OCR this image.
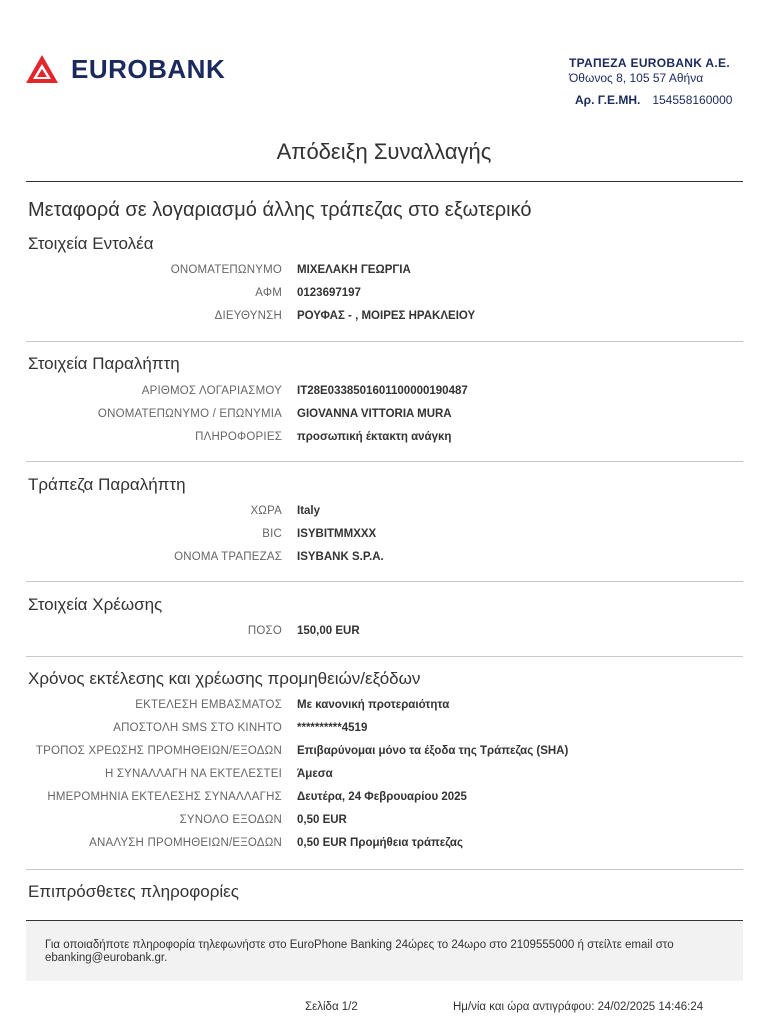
EUROBANK	ΤΡΑΠΕΖΑ EUROBANK A.E.
Όθωνος 8, 105 57 Αθήνα
Αρ. Γ.Ε.ΜΗ. 154558160000
Απόδειξη Συναλλαγής
Μεταφορά σε λογαριασμό άλλης τράπεζας στο εξωτερικό
Στοιχεία Εντολέα
ΟΝΟΜΑΤΕΠΩΝΥΜΟ ΜΙΧΕΛΑΚΗ ΓΕΩΡΓΙΑ
ΑΦΜ 0123697197
ΔΙΕΥΘΥΝΣΗ ΡΟΥΦΑΣ - , ΜΟΙΡΕΣ ΗΡΑΚΛΕΙΟΥ
Στοιχεία Παραλήπτη
ΑΡΙΘΜΟΣ ΛΟΓΑΡΙΑΣΜΟΥ IT28E0338501601100000190487
ΟΝΟΜΑΤΕΠΩΝΥΜΟ / ΕΠΩΝΥΜΙΑ GIOVANNA VITTORIA MURA
ΠΛΗΡΟΦΟΡΙΕΣ προσωπική έκτακτη ανάγκη
Τράπεζα Παραλήπτη
ΧΩΡΑ Italy
BIC ISYBITMMXXX
ΟΝΟΜΑ ΤΡΑΠΕΖΑΣ ISYBANK S.P.A.
Στοιχεία Χρέωσης
ΠΟΣΟ 150,00 EUR
Χρόνος εκτέλεσης και χρέωσης προμηθειών/εξόδων
ΕΚΤΕΛΕΣΗ ΕΜΒΑΣΜΑΤΟΣ Με κανονική προτεραιότητα
ΑΠΟΣΤΟΛΗ SMS ΣΤΟ ΚΙΝΗΤΟ **********4519
ΤΡΟΠΟΣ ΧΡΕΩΣΗΣ ΠΡΟΜΗΘΕΙΩΝ/ΕΞΟΔΩΝ Επιβαρύνομαι μόνο τα έξοδα της Τράπεζας (SHA)
Η ΣΥΝΑΛΛΑΓΗ ΝΑ ΕΚΤΕΛΕΣΤΕΙ Άμεσα
ΗΜΕΡΟΜΗΝΙΑ ΕΚΤΕΛΕΣΗΣ ΣΥΝΑΛΛΑΓΗΣ Δευτέρα, 24 Φεβρουαρίου 2025
ΣΥΝΟΛΟ ΕΞΟΔΩΝ 0,50 EUR
ΑΝΑΛΥΣΗ ΠΡΟΜΗΘΕΙΩΝ/ΕΞΟΔΩΝ 0,50 EUR Προμήθεια τράπεζας
Επιπρόσθετες πληροφορίες

Για οποιαδήποτε πληροφορία τηλεφωνήστε στο EuroPhone Banking 24ώρες το 24ωρο στο 2109555000 ή στείλτε email στο ebanking@eurobank.gr.

Σελίδα 1/2	Ημ/νία και ώρα αντιγράφου: 24/02/2025 14:46:24
